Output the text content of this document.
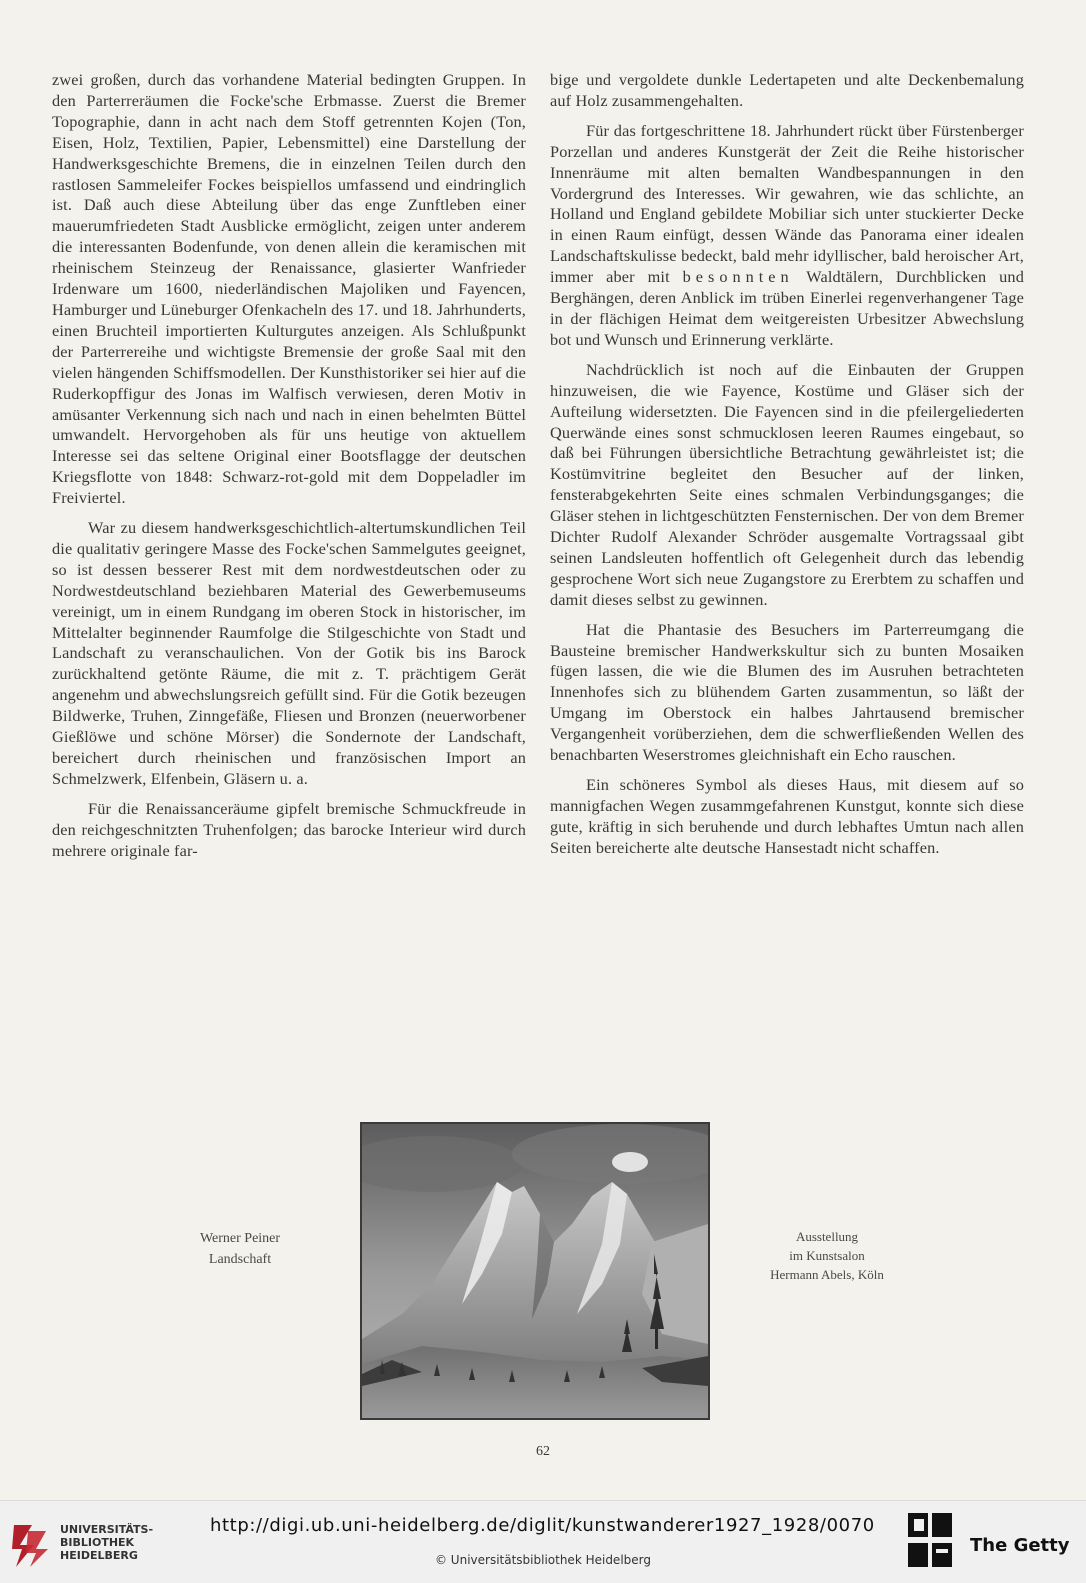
zwei großen, durch das vorhandene Material bedingten Gruppen. In den Parterreräumen die Focke'sche Erbmasse. Zuerst die Bremer Topographie, dann in acht nach dem Stoff getrennten Kojen (Ton, Eisen, Holz, Textilien, Papier, Lebensmittel) eine Darstellung der Handwerksgeschichte Bremens, die in einzelnen Teilen durch den rastlosen Sammeleifer Fockes beispiellos umfassend und eindringlich ist. Daß auch diese Abteilung über das enge Zunftleben einer mauerumfriedeten Stadt Ausblicke ermöglicht, zeigen unter anderem die interessanten Bodenfunde, von denen allein die keramischen mit rheinischem Steinzeug der Renaissance, glasierter Wanfrieder Irdenware um 1600, niederländischen Majoliken und Fayencen, Hamburger und Lüneburger Ofenkacheln des 17. und 18. Jahrhunderts, einen Bruchteil importierten Kulturgutes anzeigen. Als Schlußpunkt der Parterrereihe und wichtigste Bremensie der große Saal mit den vielen hängenden Schiffsmodellen. Der Kunsthistoriker sei hier auf die Ruderkopffigur des Jonas im Walfisch verwiesen, deren Motiv in amüsanter Verkennung sich nach und nach in einen behelmten Büttel umwandelt. Hervorgehoben als für uns heutige von aktuellem Interesse sei das seltene Original einer Bootsflagge der deutschen Kriegsflotte von 1848: Schwarz-rot-gold mit dem Doppeladler im Freiviertel.

War zu diesem handwerksgeschichtlich-altertumskundlichen Teil die qualitativ geringere Masse des Focke'schen Sammelgutes geeignet, so ist dessen besserer Rest mit dem nordwestdeutschen oder zu Nordwestdeutschland beziehbaren Material des Gewerbemuseums vereinigt, um in einem Rundgang im oberen Stock in historischer, im Mittelalter beginnender Raumfolge die Stilgeschichte von Stadt und Landschaft zu veranschaulichen. Von der Gotik bis ins Barock zurückhaltend getönte Räume, die mit z. T. prächtigem Gerät angenehm und abwechslungsreich gefüllt sind. Für die Gotik bezeugen Bildwerke, Truhen, Zinngefäße, Fliesen und Bronzen (neuerworbener Gießlöwe und schöne Mörser) die Sondernote der Landschaft, bereichert durch rheinischen und französischen Import an Schmelzwerk, Elfenbein, Gläsern u. a.

Für die Renaissanceräume gipfelt bremische Schmuckfreude in den reichgeschnitzten Truhenfolgen; das barocke Interieur wird durch mehrere originale far-

bige und vergoldete dunkle Ledertapeten und alte Deckenbemalung auf Holz zusammengehalten.

Für das fortgeschrittene 18. Jahrhundert rückt über Fürstenberger Porzellan und anderes Kunstgerät der Zeit die Reihe historischer Innenräume mit alten bemalten Wandbespannungen in den Vordergrund des Interesses. Wir gewahren, wie das schlichte, an Holland und England gebildete Mobiliar sich unter stuckierter Decke in einen Raum einfügt, dessen Wände das Panorama einer idealen Landschaftskulisse bedeckt, bald mehr idyllischer, bald heroischer Art, immer aber mit besonnten Waldtälern, Durchblicken und Berghängen, deren Anblick im trüben Einerlei regenverhangener Tage in der flächigen Heimat dem weitgereisten Urbesitzer Abwechslung bot und Wunsch und Erinnerung verklärte.

Nachdrücklich ist noch auf die Einbauten der Gruppen hinzuweisen, die wie Fayence, Kostüme und Gläser sich der Aufteilung widersetzten. Die Fayencen sind in die pfeilergeliederten Querwände eines sonst schmucklosen leeren Raumes eingebaut, so daß bei Führungen übersichtliche Betrachtung gewährleistet ist; die Kostümvitrine begleitet den Besucher auf der linken, fensterabgekehrten Seite eines schmalen Verbindungsganges; die Gläser stehen in lichtgeschützten Fensternischen. Der von dem Bremer Dichter Rudolf Alexander Schröder ausgemalte Vortragssaal gibt seinen Landsleuten hoffentlich oft Gelegenheit durch das lebendig gesprochene Wort sich neue Zugangstore zu Ererbtem zu schaffen und damit dieses selbst zu gewinnen.

Hat die Phantasie des Besuchers im Parterreumgang die Bausteine bremischer Handwerkskultur sich zu bunten Mosaiken fügen lassen, die wie die Blumen des im Ausruhen betrachteten Innenhofes sich zu blühendem Garten zusammentun, so läßt der Umgang im Oberstock ein halbes Jahrtausend bremischer Vergangenheit vorüberziehen, dem die schwerfließenden Wellen des benachbarten Weserstromes gleichnishaft ein Echo rauschen.

Ein schöneres Symbol als dieses Haus, mit diesem auf so mannigfachen Wegen zusammgefahrenen Kunstgut, konnte sich diese gute, kräftig in sich beruhende und durch lebhaftes Umtun nach allen Seiten bereicherte alte deutsche Hansestadt nicht schaffen.

Werner Peiner
Landschaft
Ausstellung
im Kunstsalon
Hermann Abels, Köln
62
UNIVERSITÄTS-
BIBLIOTHEK
HEIDELBERG
http://digi.ub.uni-heidelberg.de/diglit/kunstwanderer1927_1928/0070
© Universitätsbibliothek Heidelberg
The Getty
